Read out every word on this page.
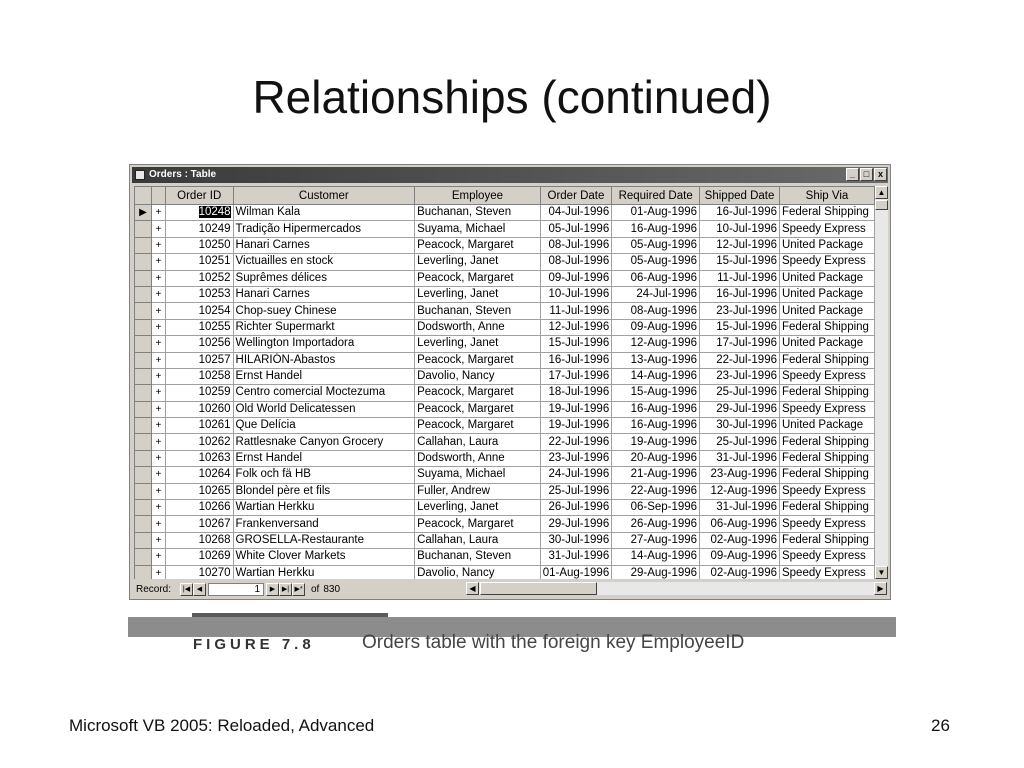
Relationships (continued)
Orders : Table	_ □ x
		Order ID	Customer	Employee	Order Date	Required Date	Shipped Date	Ship Via
▶	+	10248	Wilman Kala	Buchanan, Steven	04-Jul-1996	01-Aug-1996	16-Jul-1996	Federal Shipping
	+	10249	Tradição Hipermercados	Suyama, Michael	05-Jul-1996	16-Aug-1996	10-Jul-1996	Speedy Express
	+	10250	Hanari Carnes	Peacock, Margaret	08-Jul-1996	05-Aug-1996	12-Jul-1996	United Package
	+	10251	Victuailles en stock	Leverling, Janet	08-Jul-1996	05-Aug-1996	15-Jul-1996	Speedy Express
	+	10252	Suprêmes délices	Peacock, Margaret	09-Jul-1996	06-Aug-1996	11-Jul-1996	United Package
	+	10253	Hanari Carnes	Leverling, Janet	10-Jul-1996	24-Jul-1996	16-Jul-1996	United Package
	+	10254	Chop-suey Chinese	Buchanan, Steven	11-Jul-1996	08-Aug-1996	23-Jul-1996	United Package
	+	10255	Richter Supermarkt	Dodsworth, Anne	12-Jul-1996	09-Aug-1996	15-Jul-1996	Federal Shipping
	+	10256	Wellington Importadora	Leverling, Janet	15-Jul-1996	12-Aug-1996	17-Jul-1996	United Package
	+	10257	HILARIÓN-Abastos	Peacock, Margaret	16-Jul-1996	13-Aug-1996	22-Jul-1996	Federal Shipping
	+	10258	Ernst Handel	Davolio, Nancy	17-Jul-1996	14-Aug-1996	23-Jul-1996	Speedy Express
	+	10259	Centro comercial Moctezuma	Peacock, Margaret	18-Jul-1996	15-Aug-1996	25-Jul-1996	Federal Shipping
	+	10260	Old World Delicatessen	Peacock, Margaret	19-Jul-1996	16-Aug-1996	29-Jul-1996	Speedy Express
	+	10261	Que Delícia	Peacock, Margaret	19-Jul-1996	16-Aug-1996	30-Jul-1996	United Package
	+	10262	Rattlesnake Canyon Grocery	Callahan, Laura	22-Jul-1996	19-Aug-1996	25-Jul-1996	Federal Shipping
	+	10263	Ernst Handel	Dodsworth, Anne	23-Jul-1996	20-Aug-1996	31-Jul-1996	Federal Shipping
	+	10264	Folk och fä HB	Suyama, Michael	24-Jul-1996	21-Aug-1996	23-Aug-1996	Federal Shipping
	+	10265	Blondel père et fils	Fuller, Andrew	25-Jul-1996	22-Aug-1996	12-Aug-1996	Speedy Express
	+	10266	Wartian Herkku	Leverling, Janet	26-Jul-1996	06-Sep-1996	31-Jul-1996	Federal Shipping
	+	10267	Frankenversand	Peacock, Margaret	29-Jul-1996	26-Aug-1996	06-Aug-1996	Speedy Express
	+	10268	GROSELLA-Restaurante	Callahan, Laura	30-Jul-1996	27-Aug-1996	02-Aug-1996	Federal Shipping
	+	10269	White Clover Markets	Buchanan, Steven	31-Jul-1996	14-Aug-1996	09-Aug-1996	Speedy Express
	+	10270	Wartian Herkku	Davolio, Nancy	01-Aug-1996	29-Aug-1996	02-Aug-1996	Speedy Express
▲
▼
Record:	|◀ ◀	1	▶ ▶| ▶* of 830	◀	▶
FIGURE 7.8 Orders table with the foreign key EmployeeID
Microsoft VB 2005: Reloaded, Advanced	26
